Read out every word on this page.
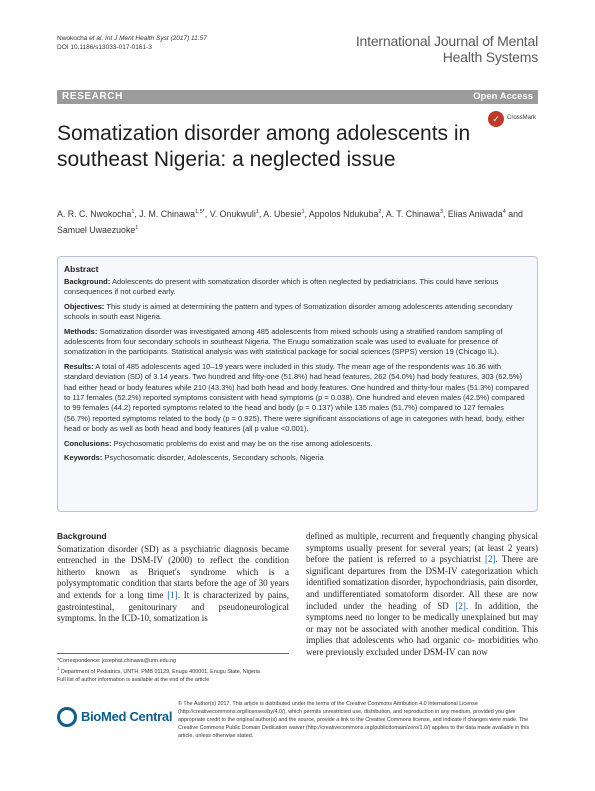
Nwokocha et al. Int J Ment Health Syst (2017) 11:57
DOI 10.1186/s13033-017-0161-3	International Journal of Mental Health Systems
RESEARCH	Open Access
✓	CrossMark
Somatization disorder among adolescents in southeast Nigeria: a neglected issue
A. R. C. Nwokocha$^1$, J. M. Chinawa$^{1,5*}$, V. Onukwuli$^1$, A. Ubesie$^1$, Appolos Ndukuba$^2$, A. T. Chinawa$^3$, Elias Aniwada$^4$ and Samuel Uwaezuoke$^1$
Abstract
Background: Adolescents do present with somatization disorder which is often neglected by pediatricians. This could have serious consequences if not curbed early.
Objectives: This study is aimed at determining the pattern and types of Somatization disorder among adolescents attending secondary schools in south east Nigeria.
Methods: Somatization disorder was investigated among 485 adolescents from mixed schools using a stratified random sampling of adolescents from four secondary schools in southeast Nigeria. The Enugu somatization scale was used to evaluate for presence of somatization in the participants. Statistical analysis was with statistical package for social sciences (SPPS) version 19 (Chicago IL).
Results: A total of 485 adolescents aged 10–19 years were included in this study. The mean age of the respondents was 16.36 with standard deviation (SD) of 3.14 years. Two hundred and fifty-one (51.8%) had head features, 262 (54.0%) had body features, 303 (62.5%) had either head or body features while 210 (43.3%) had both head and body features. One hundred and thirty-four males (51.3%) compared to 117 females (52.2%) reported symptoms consistent with head symptoms (p = 0.038). One hundred and eleven males (42.5%) compared to 99 females (44.2) reported symptoms related to the head and body (p = 0.137) while 135 males (51.7%) compared to 127 females (56.7%) reported symptoms related to the body (p = 0.925). There were significant associations of age in categories with head, body, either head or body as well as both head and body features (all p value <0.001).
Conclusions: Psychosomatic problems do exist and may be on the rise among adolescents.
Keywords: Psychosomatic disorder, Adolescents, Secondary schools, Nigeria
Background

Somatization disorder (SD) as a psychiatric diagnosis became entrenched in the DSM-IV (2000) to reflect the condition hitherto known as Briquet's syndrome which is a polysymptomatic condition that starts before the age of 30 years and extends for a long time [1]. It is characterized by pains, gastrointestinal, genitourinary and pseudoneurological symptoms. In the ICD-10, somatization is

defined as multiple, recurrent and frequently changing physical symptoms usually present for several years; (at least 2 years) before the patient is referred to a psychiatrist [2]. There are significant departures from the DSM-IV categorization which identified somatization disorder, hypochondriasis, pain disorder, and undifferentiated somatoform disorder. All these are now included under the heading of SD [2]. In addition, the symptoms need no longer to be medically unexplained but may or may not be associated with another medical condition. This implies that adolescents who had organic co- morbidities who were previously excluded under DSM-IV can now

*Correspondence: josephat.chinawa@unn.edu.ng
$^1$ Department of Pediatrics, UNTH, PMB 01129, Enugu 400001, Enugu State, Nigeria
Full list of author information is available at the end of the article
BioMed Central
© The Author(s) 2017. This article is distributed under the terms of the Creative Commons Attribution 4.0 International License (http://creativecommons.org/licenses/by/4.0/), which permits unrestricted use, distribution, and reproduction in any medium, provided you give appropriate credit to the original author(s) and the source, provide a link to the Creative Commons license, and indicate if changes were made. The Creative Commons Public Domain Dedication waiver (http://creativecommons.org/publicdomain/zero/1.0/) applies to the data made available in this article, unless otherwise stated.
